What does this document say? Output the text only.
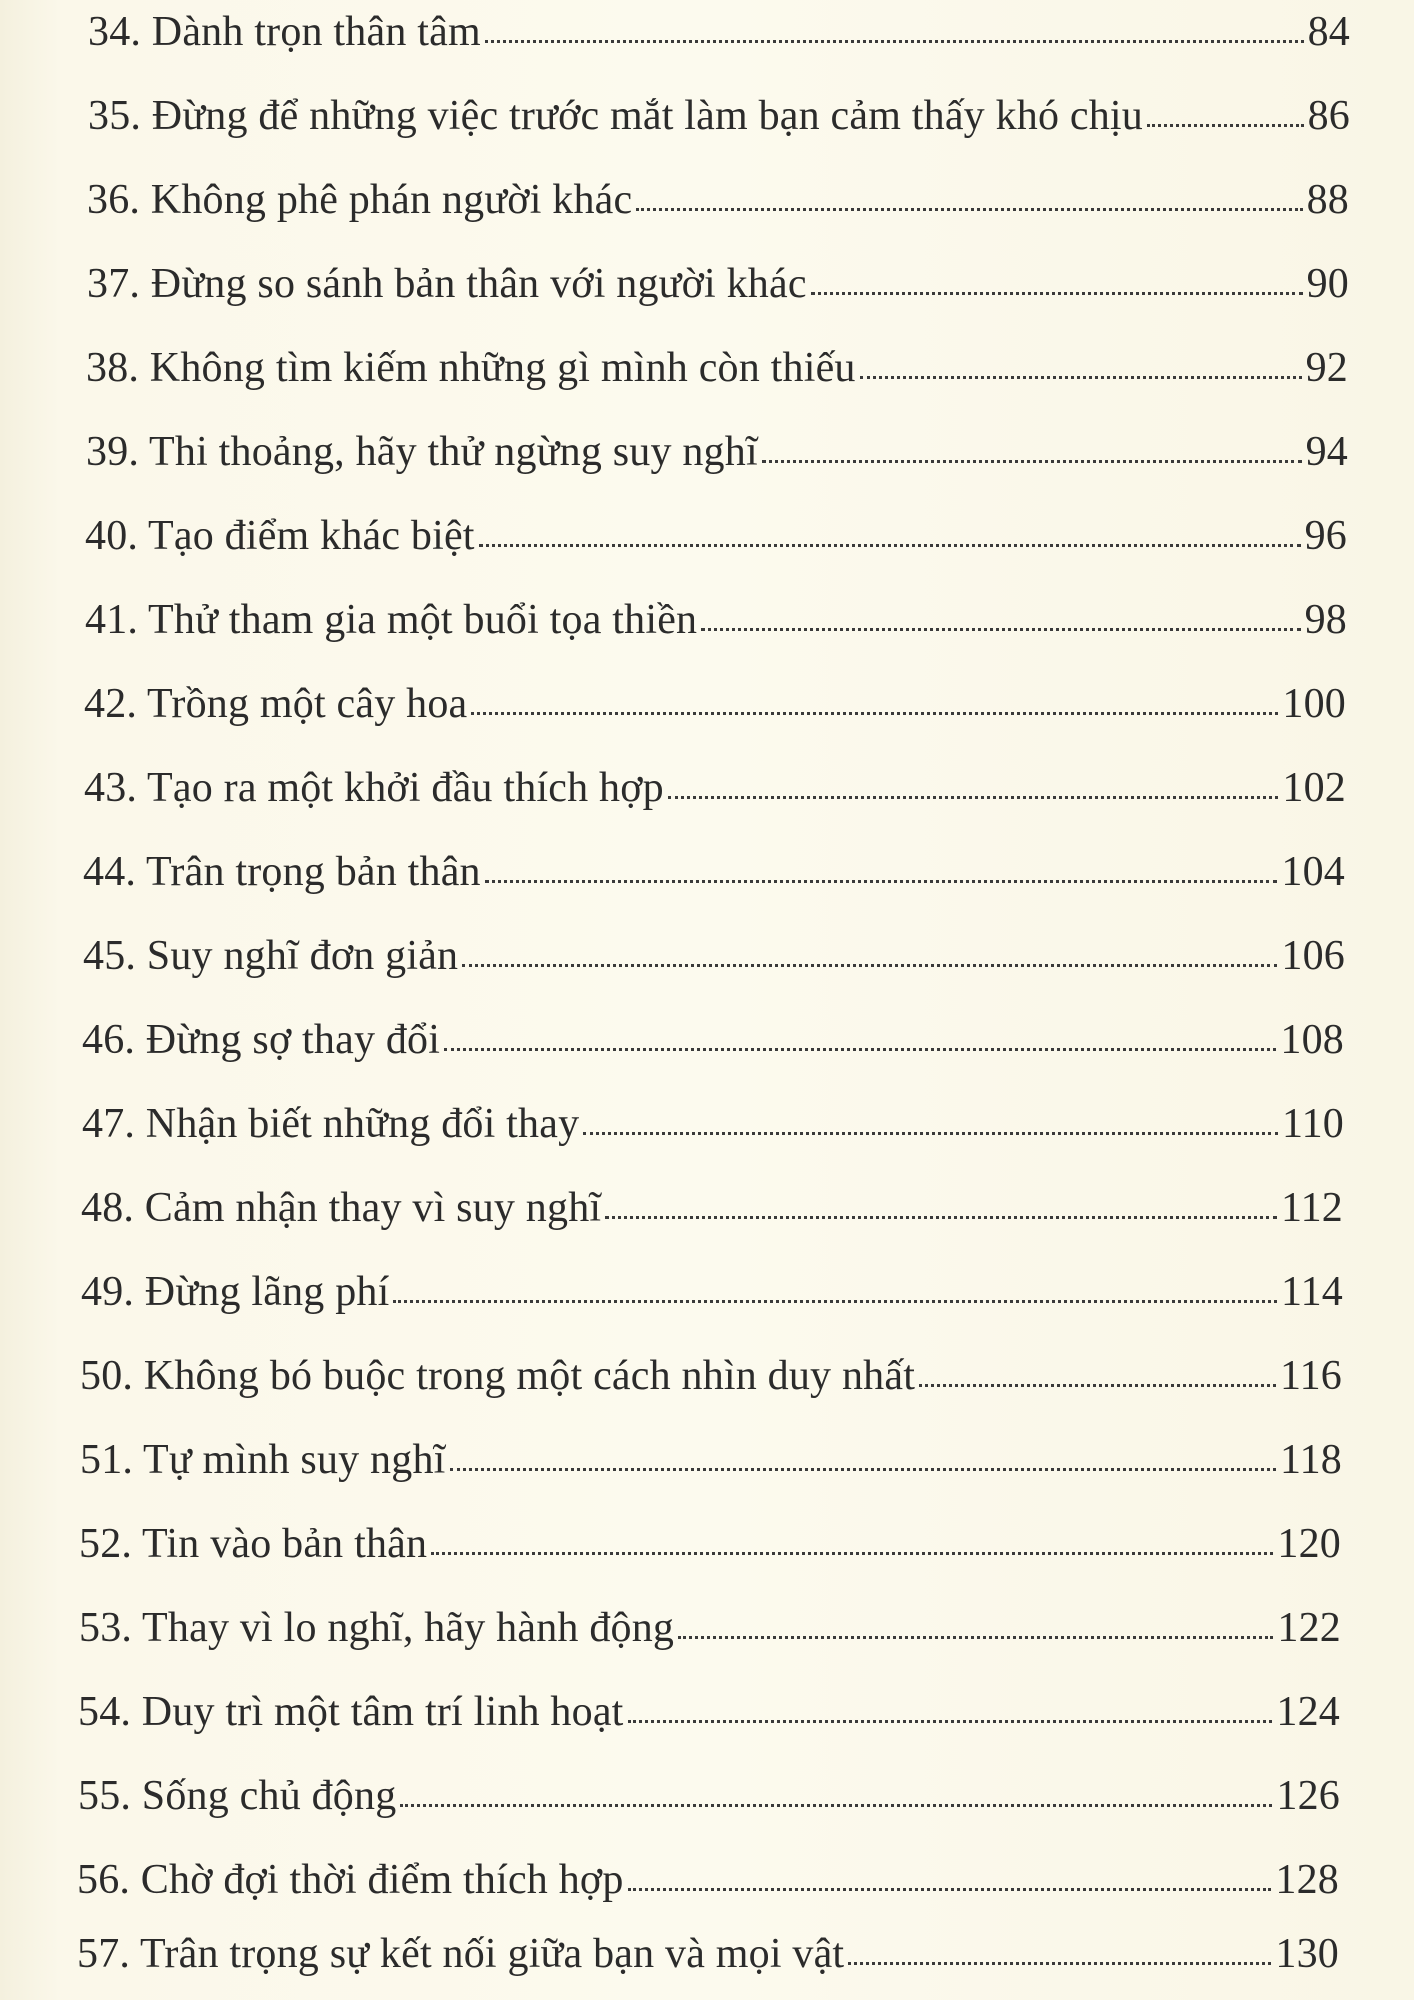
34. Dành trọn thân tâm	84
35. Đừng để những việc trước mắt làm bạn cảm thấy khó chịu	86
36. Không phê phán người khác	88
37. Đừng so sánh bản thân với người khác	90
38. Không tìm kiếm những gì mình còn thiếu	92
39. Thi thoảng, hãy thử ngừng suy nghĩ	94
40. Tạo điểm khác biệt	96
41. Thử tham gia một buổi tọa thiền	98
42. Trồng một cây hoa	100
43. Tạo ra một khởi đầu thích hợp	102
44. Trân trọng bản thân	104
45. Suy nghĩ đơn giản	106
46. Đừng sợ thay đổi	108
47. Nhận biết những đổi thay	110
48. Cảm nhận thay vì suy nghĩ	112
49. Đừng lãng phí	114
50. Không bó buộc trong một cách nhìn duy nhất	116
51. Tự mình suy nghĩ	118
52. Tin vào bản thân	120
53. Thay vì lo nghĩ, hãy hành động	122
54. Duy trì một tâm trí linh hoạt	124
55. Sống chủ động	126
56. Chờ đợi thời điểm thích hợp	128
57. Trân trọng sự kết nối giữa bạn và mọi vật	130
